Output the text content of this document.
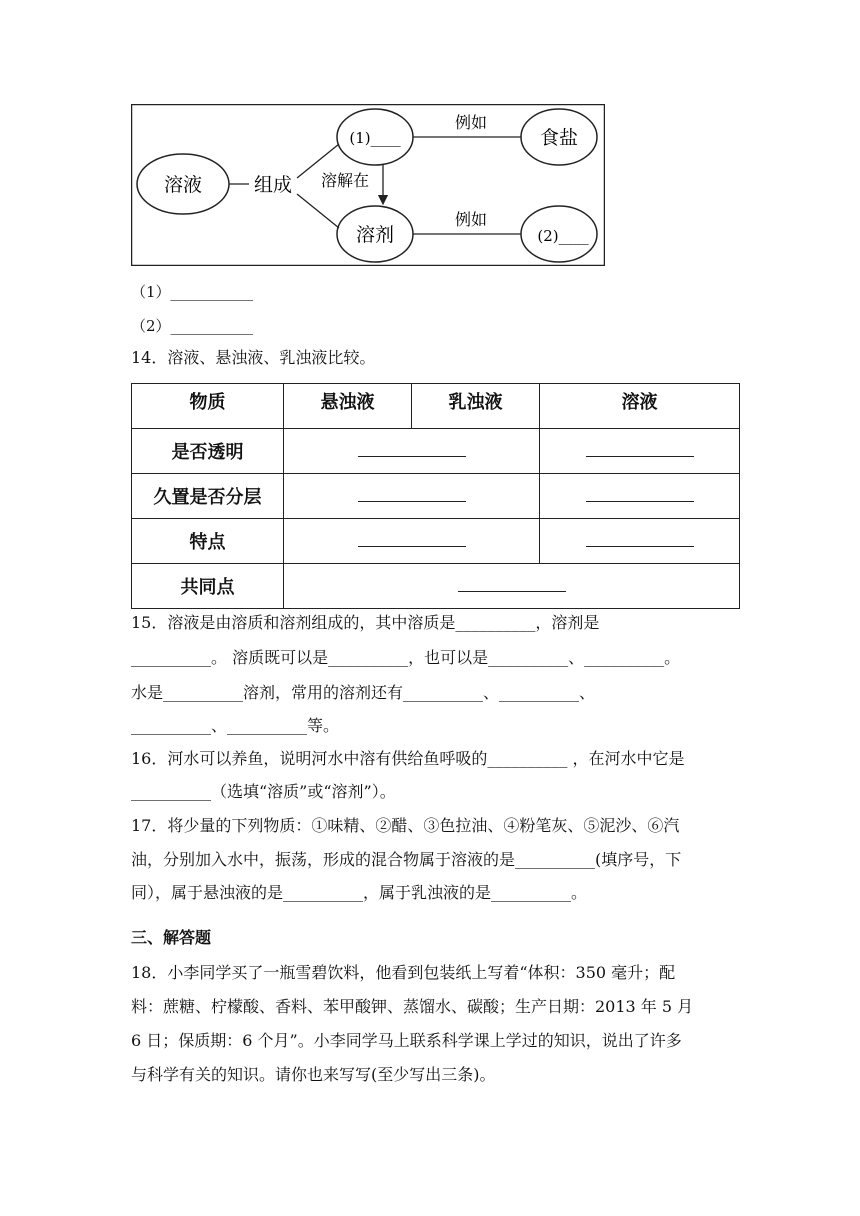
溶液	组成
(1)____
溶解在
溶剂
例如
食盐
例如
(2)____
（1）___________
（2）___________
14．溶液、悬浊液、乳浊液比较。
物质	悬浊液	乳浊液	溶液
是否透明			
久置是否分层			
特点			
共同点			
15．溶液是由溶质和溶剂组成的，其中溶质是__________，溶剂是
__________。 溶质既可以是__________，也可以是__________、__________。
水是__________溶剂，常用的溶剂还有__________、__________、
__________、__________等。
16．河水可以养鱼，说明河水中溶有供给鱼呼吸的__________ ，在河水中它是
__________（选填“溶质”或“溶剂”）。
17．将少量的下列物质：①味精、②醋、③色拉油、④粉笔灰、⑤泥沙、⑥汽
油，分别加入水中，振荡，形成的混合物属于溶液的是__________(填序号，下
同），属于悬浊液的是__________，属于乳浊液的是__________。
三、解答题
18．小李同学买了一瓶雪碧饮料，他看到包装纸上写着“体积：350 毫升；配
料：蔗糖、柠檬酸、香料、苯甲酸钾、蒸馏水、碳酸；生产日期：2013 年 5 月
6 日；保质期：6 个月”。小李同学马上联系科学课上学过的知识，说出了许多
与科学有关的知识。请你也来写写(至少写出三条)。
